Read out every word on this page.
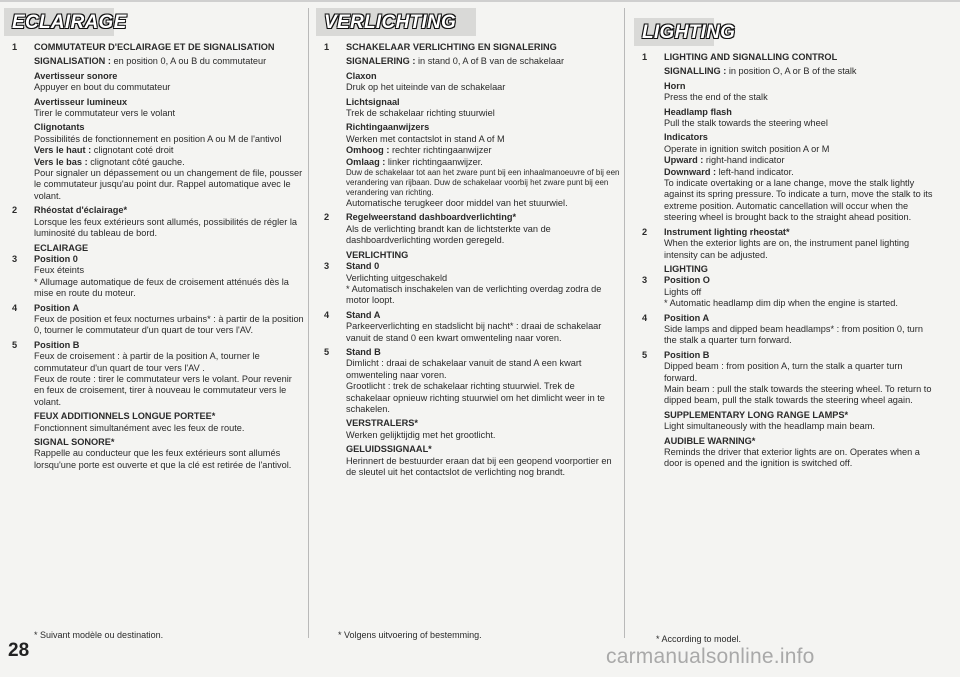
ECLAIRAGE
1 COMMUTATEUR D'ECLAIRAGE ET DE SIGNALISATION
SIGNALISATION : en position 0, A ou B du commutateur
Avertisseur sonore
Appuyer en bout du commutateur
Avertisseur lumineux
Tirer le commutateur vers le volant
Clignotants
Possibilités de fonctionnement en position A ou M de l'antivol
Vers le haut : clignotant coté droit
Vers le bas : clignotant côté gauche.
Pour signaler un dépassement ou un changement de file, pousser le commutateur jusqu'au point dur. Rappel automatique avec le volant.
2 Rhéostat d'éclairage*
Lorsque les feux extérieurs sont allumés, possibilités de régler la luminosité du tableau de bord.
ECLAIRAGE
3 Position 0
Feux éteints
* Allumage automatique de feux de croisement atténués dès la mise en route du moteur.
4 Position A
Feux de position et feux nocturnes urbains* : à partir de la position 0, tourner le commutateur d'un quart de tour vers l'AV.
5 Position B
Feux de croisement : à partir de la position A, tourner le commutateur d'un quart de tour vers l'AV .
Feux de route : tirer le commutateur vers le volant. Pour revenir en feux de croisement, tirer à nouveau le commutateur vers le volant.
FEUX ADDITIONNELS LONGUE PORTEE*
Fonctionnent simultanément avec les feux de route.
SIGNAL SONORE*
Rappelle au conducteur que les feux extérieurs sont allumés lorsqu'une porte est ouverte et que la clé est retirée de l'antivol.
* Suivant modèle ou destination.
VERLICHTING
1 SCHAKELAAR VERLICHTING EN SIGNALERING
SIGNALERING : in stand 0, A of B van de schakelaar
Claxon
Druk op het uiteinde van de schakelaar
Lichtsignaal
Trek de schakelaar richting stuurwiel
Richtingaanwijzers
Werken met contactslot in stand A of M
Omhoog : rechter richtingaanwijzer
Omlaag : linker richtingaanwijzer.
Duw de schakelaar tot aan het zware punt bij een inhaalmanoeuvre of bij een verandering van rijbaan. Duw de schakelaar voorbij het zware punt bij een verandering van richting.
Automatische terugkeer door middel van het stuurwiel.
2 Regelweerstand dashboardverlichting*
Als de verlichting brandt kan de lichtsterkte van de dashboardverlichting worden geregeld.
VERLICHTING
3 Stand 0
Verlichting uitgeschakeld
* Automatisch inschakelen van de verlichting overdag zodra de motor loopt.
4 Stand A
Parkeerverlichting en stadslicht bij nacht* : draai de schakelaar vanuit de stand 0 een kwart omwenteling naar voren.
5 Stand B
Dimlicht : draai de schakelaar vanuit de stand A een kwart omwenteling naar voren.
Grootlicht : trek de schakelaar richting stuurwiel. Trek de schakelaar opnieuw richting stuurwiel om het dimlicht weer in te schakelen.
VERSTRALERS*
Werken gelijktijdig met het grootlicht.
GELUIDSSIGNAAL*
Herinnert de bestuurder eraan dat bij een geopend voorportier en de sleutel uit het contactslot de verlichting nog brandt.
* Volgens uitvoering of bestemming.
LIGHTING
1 LIGHTING AND SIGNALLING CONTROL
SIGNALLING : in position O, A or B of the stalk
Horn
Press the end of the stalk
Headlamp flash
Pull the stalk towards the steering wheel
Indicators
Operate in ignition switch position A or M
Upward : right-hand indicator
Downward : left-hand indicator.
To indicate overtaking or a lane change, move the stalk lightly against its spring pressure. To indicate a turn, move the stalk to its extreme position. Automatic cancellation will occur when the steering wheel is brought back to the straight ahead position.
2 Instrument lighting rheostat*
When the exterior lights are on, the instrument panel lighting intensity can be adjusted.
LIGHTING
3 Position O
Lights off
* Automatic headlamp dim dip when the engine is started.
4 Position A
Side lamps and dipped beam headlamps* : from position 0, turn the stalk a quarter turn forward.
5 Position B
Dipped beam : from position A, turn the stalk a quarter turn forward.
Main beam : pull the stalk towards the steering wheel. To return to dipped beam, pull the stalk towards the steering wheel again.
SUPPLEMENTARY LONG RANGE LAMPS*
Light simultaneously with the headlamp main beam.
AUDIBLE WARNING*
Reminds the driver that exterior lights are on. Operates when a door is opened and the ignition is switched off.
* According to model.
28	carmanualsonline.info
